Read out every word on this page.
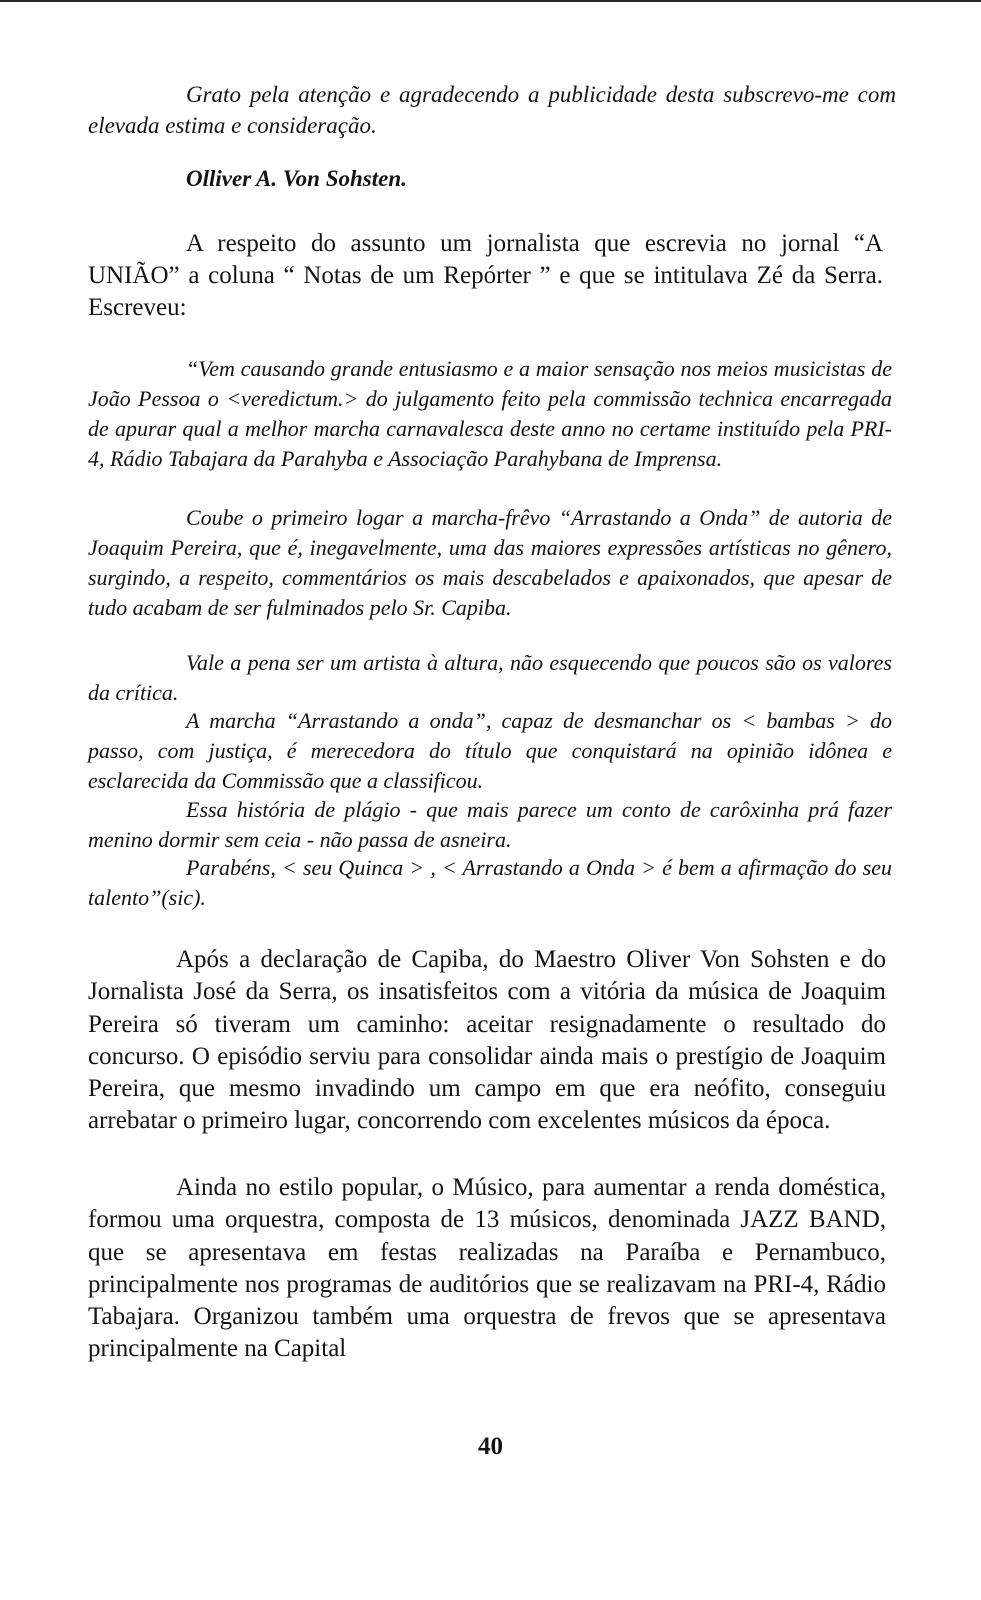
Grato pela atenção e agradecendo a publicidade desta subscrevo-me com elevada estima e consideração.

Olliver A. Von Sohsten.

A respeito do assunto um jornalista que escrevia no jornal “A UNIÃO” a coluna “ Notas de um Repórter ” e que se intitulava Zé da Serra. Escreveu:

“Vem causando grande entusiasmo e a maior sensação nos meios musicistas de João Pessoa o <veredictum.> do julgamento feito pela commissão technica encarregada de apurar qual a melhor marcha carnavalesca deste anno no certame instituído pela PRI-4, Rádio Tabajara da Parahyba e Associação Parahybana de Imprensa.

Coube o primeiro logar a marcha-frêvo “Arrastando a Onda” de autoria de Joaquim Pereira, que é, inegavelmente, uma das maiores expressões artísticas no gênero, surgindo, a respeito, commentários os mais descabelados e apaixonados, que apesar de tudo acabam de ser fulminados pelo Sr. Capiba.

Vale a pena ser um artista à altura, não esquecendo que poucos são os valores da crítica.

A marcha “Arrastando a onda”, capaz de desmanchar os < bambas > do passo, com justiça, é merecedora do título que conquistará na opinião idônea e esclarecida da Commissão que a classificou.

Essa história de plágio - que mais parece um conto de carôxinha prá fazer menino dormir sem ceia - não passa de asneira.

Parabéns, < seu Quinca > , < Arrastando a Onda > é bem a afirmação do seu talento”(sic).

Após a declaração de Capiba, do Maestro Oliver Von Sohsten e do Jornalista José da Serra, os insatisfeitos com a vitória da música de Joaquim Pereira só tiveram um caminho: aceitar resignadamente o resultado do concurso. O episódio serviu para consolidar ainda mais o prestígio de Joaquim Pereira, que mesmo invadindo um campo em que era neófito, conseguiu arrebatar o primeiro lugar, concorrendo com excelentes músicos da época.

Ainda no estilo popular, o Músico, para aumentar a renda doméstica, formou uma orquestra, composta de 13 músicos, denominada JAZZ BAND, que se apresentava em festas realizadas na Paraíba e Pernambuco, principalmente nos programas de auditórios que se realizavam na PRI-4, Rádio Tabajara. Organizou também uma orquestra de frevos que se apresentava principalmente na Capital

40
